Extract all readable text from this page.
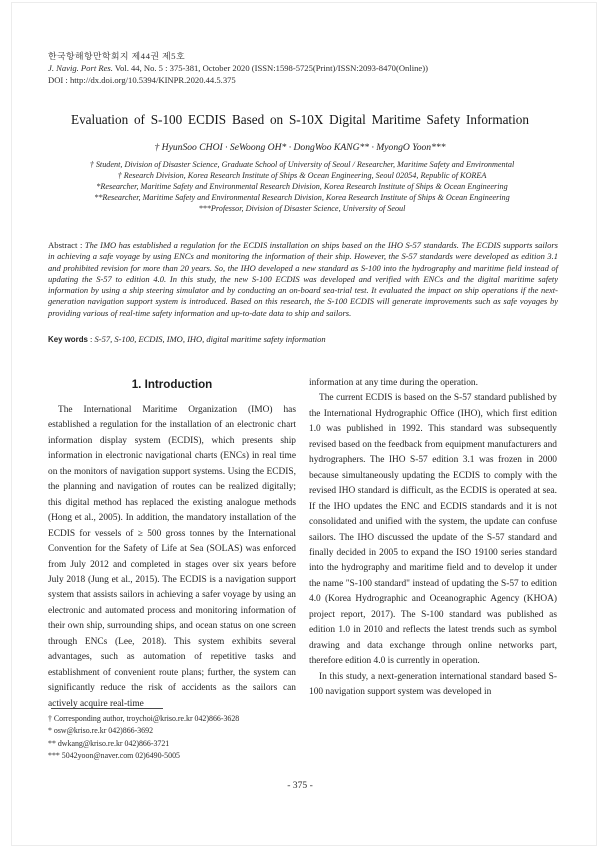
한국항해항만학회지 제44권 제5호
J. Navig. Port Res. Vol. 44, No. 5 : 375-381, October 2020 (ISSN:1598-5725(Print)/ISSN:2093-8470(Online))
DOI : http://dx.doi.org/10.5394/KINPR.2020.44.5.375
Evaluation of S-100 ECDIS Based on S-10X Digital Maritime Safety Information
† HyunSoo CHOI · SeWoong OH* · DongWoo KANG** · MyongO Yoon***
† Student, Division of Disaster Science, Graduate School of University of Seoul / Researcher, Maritime Safety and Environmental
† Research Division, Korea Research Institute of Ships & Ocean Engineering, Seoul 02054, Republic of KOREA
*Researcher, Maritime Safety and Environmental Research Division, Korea Research Institute of Ships & Ocean Engineering
**Researcher, Maritime Safety and Environmental Research Division, Korea Research Institute of Ships & Ocean Engineering
***Professor, Division of Disaster Science, University of Seoul

Abstract : The IMO has established a regulation for the ECDIS installation on ships based on the IHO S-57 standards. The ECDIS supports sailors in achieving a safe voyage by using ENCs and monitoring the information of their ship. However, the S-57 standards were developed as edition 3.1 and prohibited revision for more than 20 years. So, the IHO developed a new standard as S-100 into the hydrography and maritime field instead of updating the S-57 to edition 4.0. In this study, the new S-100 ECDIS was developed and verified with ENCs and the digital maritime safety information by using a ship steering simulator and by conducting an on-board sea-trial test. It evaluated the impact on ship operations if the next-generation navigation support system is introduced. Based on this research, the S-100 ECDIS will generate improvements such as safe voyages by providing various of real-time safety information and up-to-date data to ship and sailors.

Key words : S-57, S-100, ECDIS, IMO, IHO, digital maritime safety information

1. Introduction

The International Maritime Organization (IMO) has established a regulation for the installation of an electronic chart information display system (ECDIS), which presents ship information in electronic navigational charts (ENCs) in real time on the monitors of navigation support systems. Using the ECDIS, the planning and navigation of routes can be realized digitally; this digital method has replaced the existing analogue methods (Hong et al., 2005). In addition, the mandatory installation of the ECDIS for vessels of ≥ 500 gross tonnes by the International Convention for the Safety of Life at Sea (SOLAS) was enforced from July 2012 and completed in stages over six years before July 2018 (Jung et al., 2015). The ECDIS is a navigation support system that assists sailors in achieving a safer voyage by using an electronic and automated process and monitoring information of their own ship, surrounding ships, and ocean status on one screen through ENCs (Lee, 2018). This system exhibits several advantages, such as automation of repetitive tasks and establishment of convenient route plans; further, the system can significantly reduce the risk of accidents as the sailors can actively acquire real-time

information at any time during the operation.

The current ECDIS is based on the S-57 standard published by the International Hydrographic Office (IHO), which first edition 1.0 was published in 1992. This standard was subsequently revised based on the feedback from equipment manufacturers and hydrographers. The IHO S-57 edition 3.1 was frozen in 2000 because simultaneously updating the ECDIS to comply with the revised IHO standard is difficult, as the ECDIS is operated at sea. If the IHO updates the ENC and ECDIS standards and it is not consolidated and unified with the system, the update can confuse sailors. The IHO discussed the update of the S-57 standard and finally decided in 2005 to expand the ISO 19100 series standard into the hydrography and maritime field and to develop it under the name "S-100 standard" instead of updating the S-57 to edition 4.0 (Korea Hydrographic and Oceanographic Agency (KHOA) project report, 2017). The S-100 standard was published as edition 1.0 in 2010 and reflects the latest trends such as symbol drawing and data exchange through online networks part, therefore edition 4.0 is currently in operation.

In this study, a next-generation international standard based S-100 navigation support system was developed in

† Corresponding author, troychoi@kriso.re.kr 042)866-3628
* osw@kriso.re.kr 042)866-3692
** dwkang@kriso.re.kr 042)866-3721
*** 5042yoon@naver.com 02)6490-5005
- 375 -
